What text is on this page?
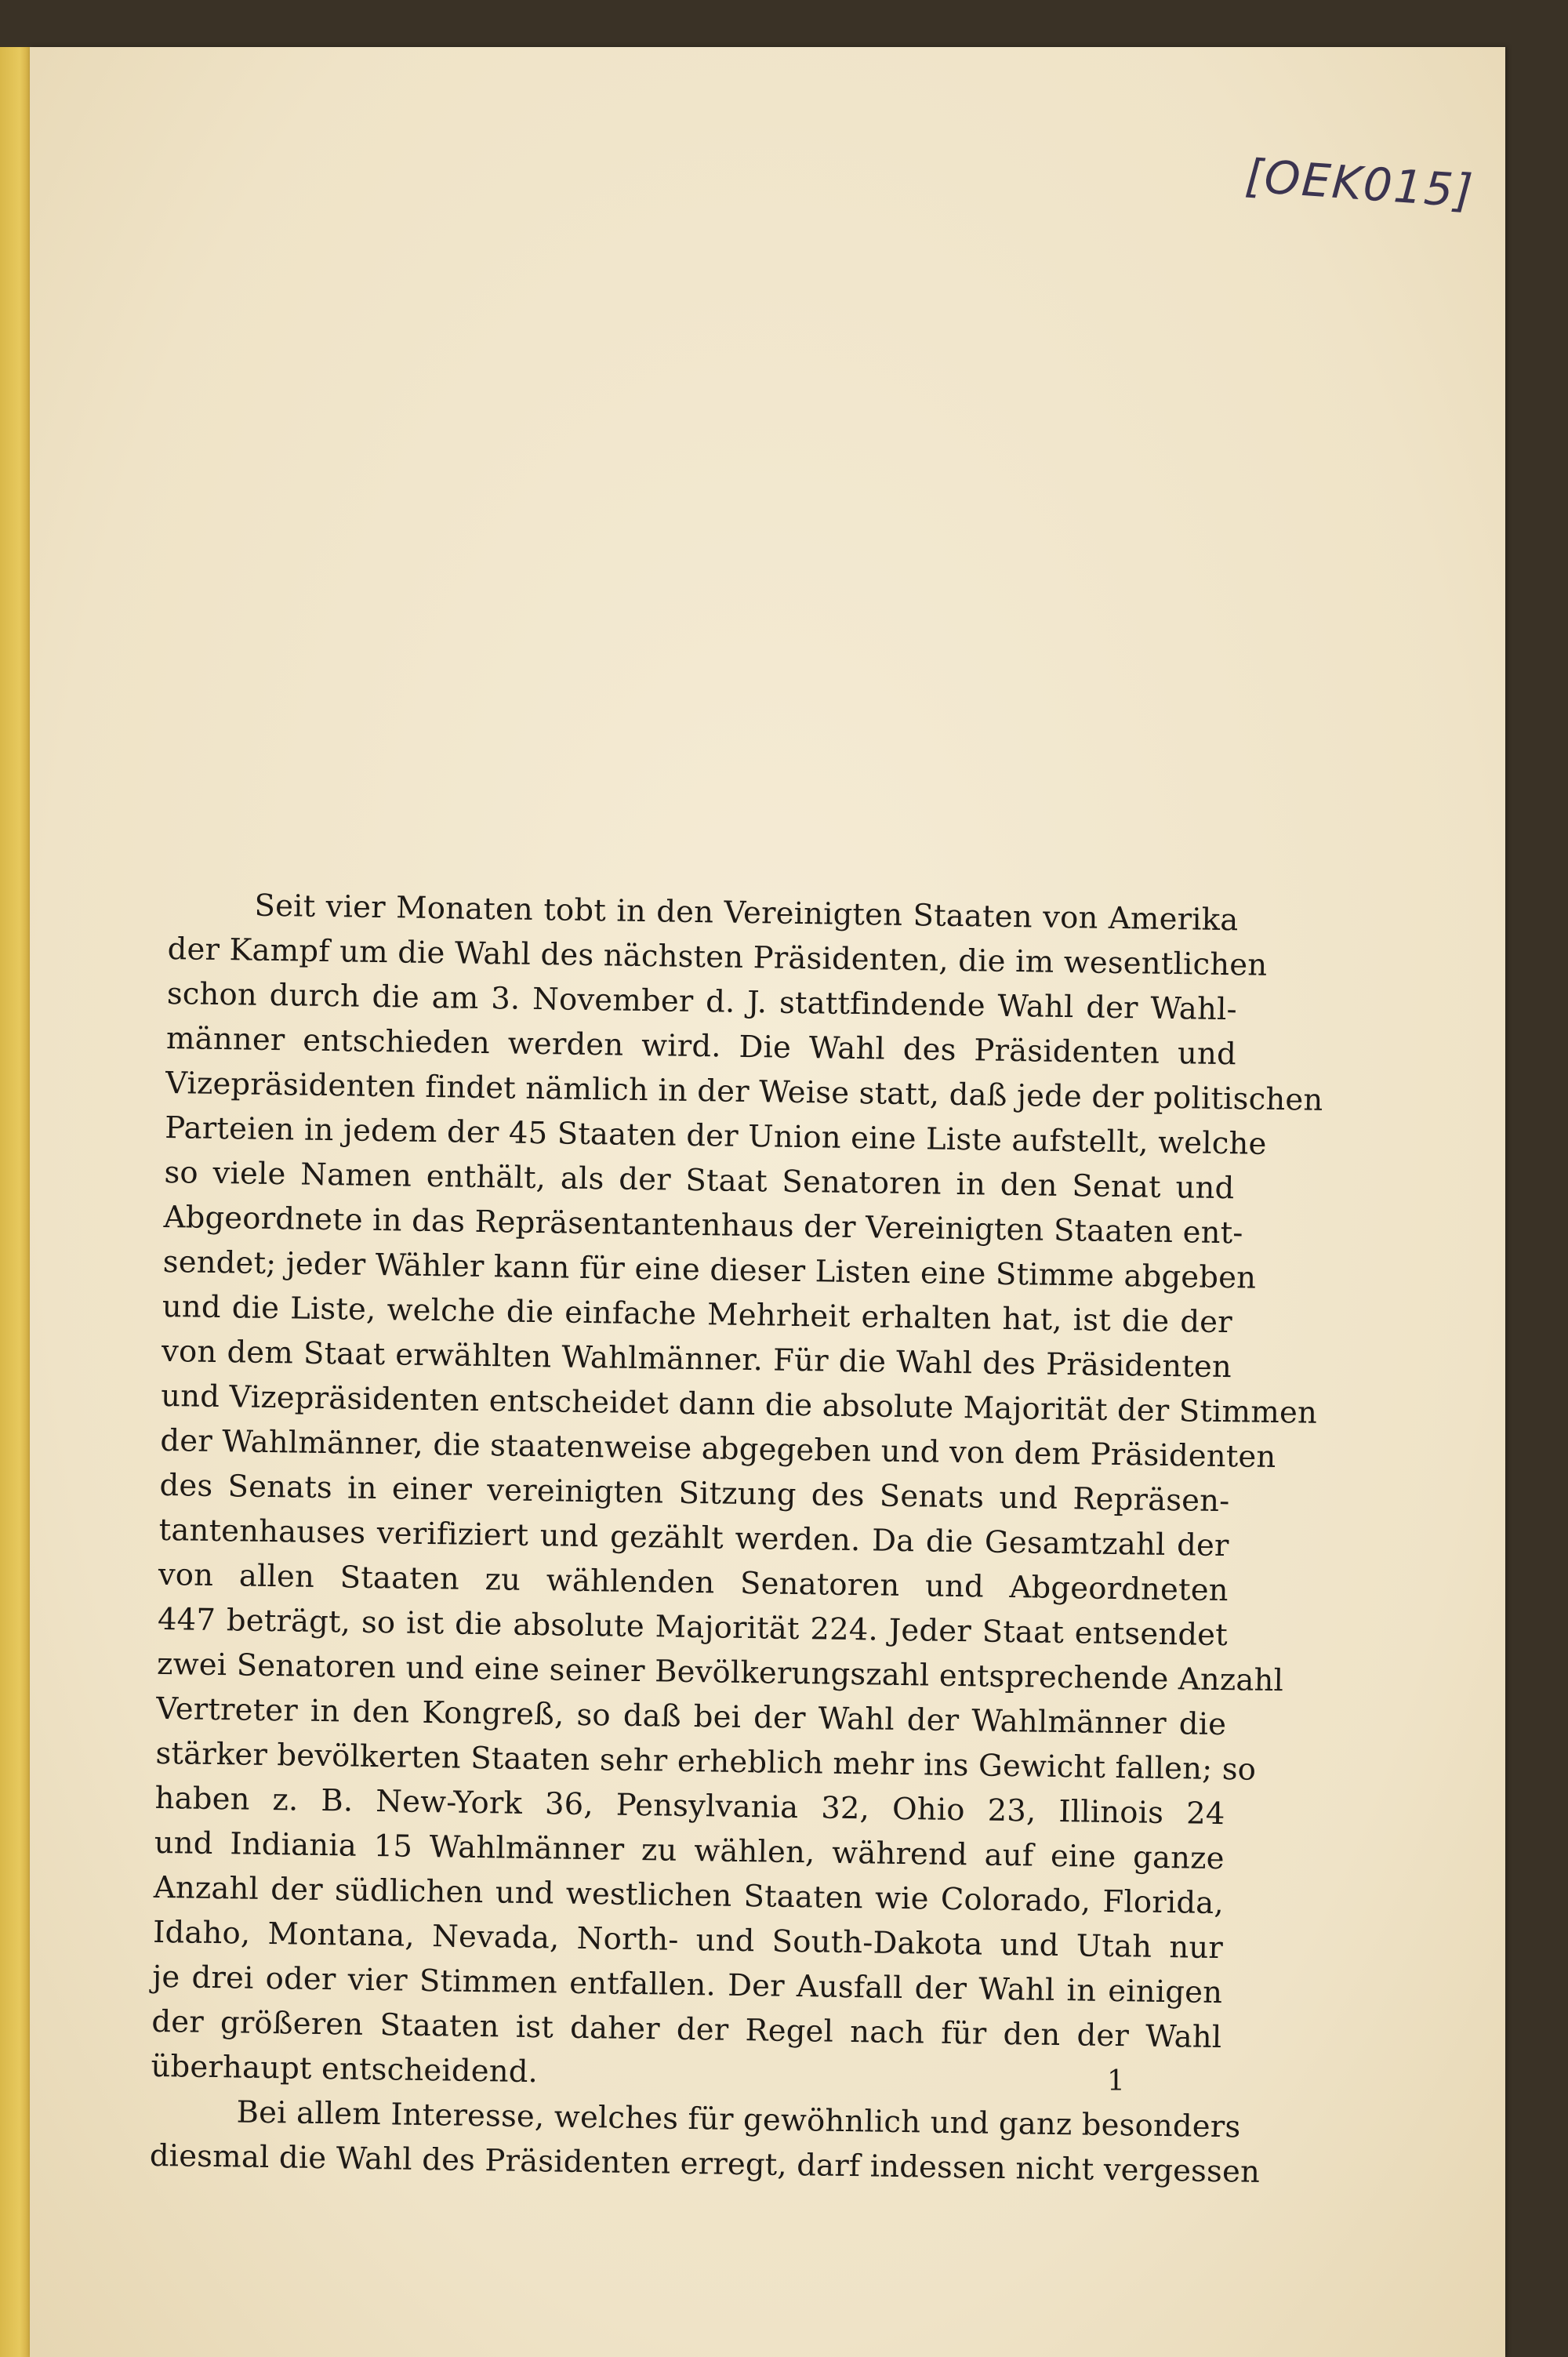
[OEK015]
Seit vier Monaten tobt in den Vereinigten Staaten von Amerika
der Kampf um die Wahl des nächsten Präsidenten, die im wesentlichen
schon durch die am 3. November d. J. stattfindende Wahl der Wahl-
männer entschieden werden wird. Die Wahl des Präsidenten und
Vizepräsidenten findet nämlich in der Weise statt, daß jede der politischen
Parteien in jedem der 45 Staaten der Union eine Liste aufstellt, welche
so viele Namen enthält, als der Staat Senatoren in den Senat und
Abgeordnete in das Repräsentantenhaus der Vereinigten Staaten ent-
sendet; jeder Wähler kann für eine dieser Listen eine Stimme abgeben
und die Liste, welche die einfache Mehrheit erhalten hat, ist die der
von dem Staat erwählten Wahlmänner. Für die Wahl des Präsidenten
und Vizepräsidenten entscheidet dann die absolute Majorität der Stimmen
der Wahlmänner, die staatenweise abgegeben und von dem Präsidenten
des Senats in einer vereinigten Sitzung des Senats und Repräsen-
tantenhauses verifiziert und gezählt werden. Da die Gesamtzahl der
von allen Staaten zu wählenden Senatoren und Abgeordneten
447 beträgt, so ist die absolute Majorität 224. Jeder Staat entsendet
zwei Senatoren und eine seiner Bevölkerungszahl entsprechende Anzahl
Vertreter in den Kongreß, so daß bei der Wahl der Wahlmänner die
stärker bevölkerten Staaten sehr erheblich mehr ins Gewicht fallen; so
haben z. B. New-York 36, Pensylvania 32, Ohio 23, Illinois 24
und Indiania 15 Wahlmänner zu wählen, während auf eine ganze
Anzahl der südlichen und westlichen Staaten wie Colorado, Florida,
Idaho, Montana, Nevada, North- und South-Dakota und Utah nur
je drei oder vier Stimmen entfallen. Der Ausfall der Wahl in einigen
der größeren Staaten ist daher der Regel nach für den der Wahl
überhaupt entscheidend.
Bei allem Interesse, welches für gewöhnlich und ganz besonders
diesmal die Wahl des Präsidenten erregt, darf indessen nicht vergessen
1
